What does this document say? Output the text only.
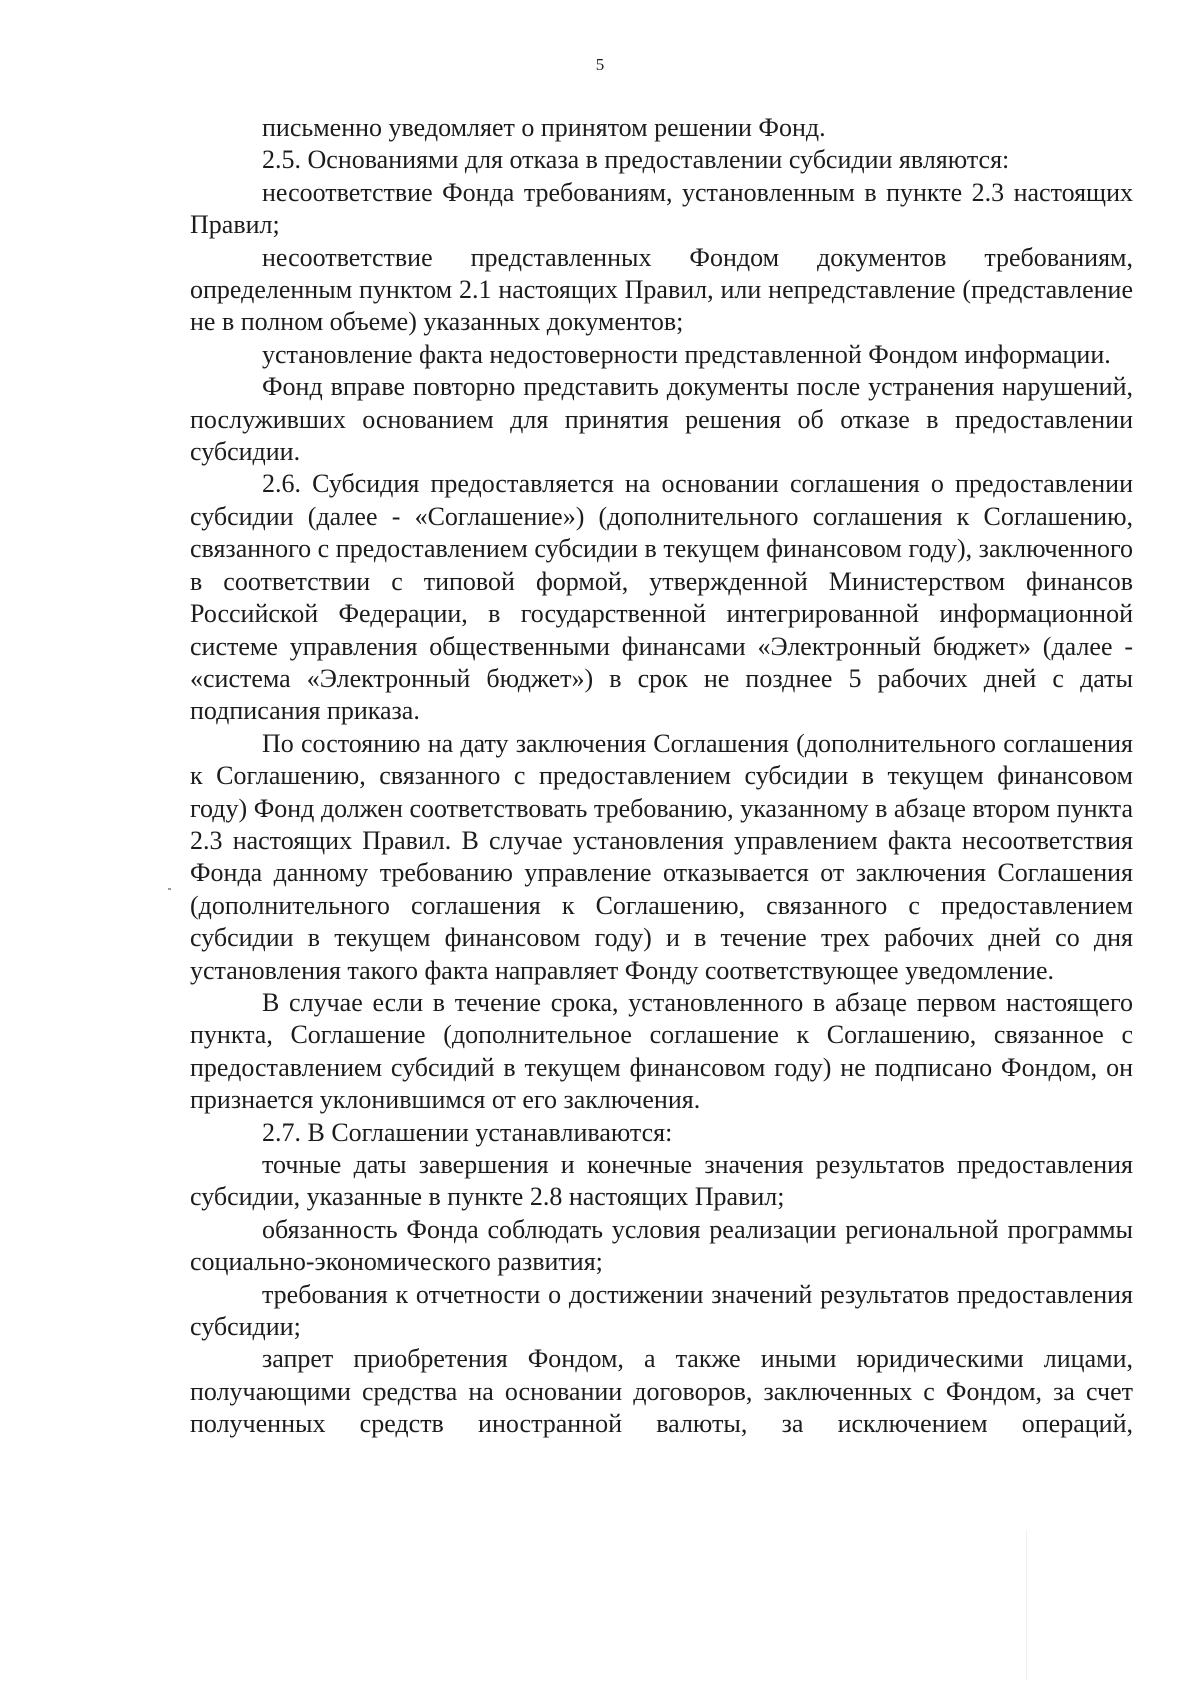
5

письменно уведомляет о принятом решении Фонд.

2.5. Основаниями для отказа в предоставлении субсидии являются:

несоответствие Фонда требованиям, установленным в пункте 2.3 настоящих Правил;

несоответствие представленных Фондом документов требованиям, определенным пунктом 2.1 настоящих Правил, или непредставление (представление не в полном объеме) указанных документов;

установление факта недостоверности представленной Фондом информации.

Фонд вправе повторно представить документы после устранения нарушений, послуживших основанием для принятия решения об отказе в предоставлении субсидии.

2.6. Субсидия предоставляется на основании соглашения о предоставлении субсидии (далее - «Соглашение») (дополнительного соглашения к Соглашению, связанного с предоставлением субсидии в текущем финансовом году), заключенного в соответствии с типовой формой, утвержденной Министерством финансов Российской Федерации, в государственной интегрированной информационной системе управления общественными финансами «Электронный бюджет» (далее - «система «Электронный бюджет») в срок не позднее 5 рабочих дней с даты подписания приказа.

По состоянию на дату заключения Соглашения (дополнительного соглашения к Соглашению, связанного с предоставлением субсидии в текущем финансовом году) Фонд должен соответствовать требованию, указанному в абзаце втором пункта 2.3 настоящих Правил. В случае установления управлением факта несоответствия Фонда данному требованию управление отказывается от заключения Соглашения (дополнительного соглашения к Соглашению, связанного с предоставлением субсидии в текущем финансовом году) и в течение трех рабочих дней со дня установления такого факта направляет Фонду соответствующее уведомление.

В случае если в течение срока, установленного в абзаце первом настоящего пункта, Соглашение (дополнительное соглашение к Соглашению, связанное с предоставлением субсидий в текущем финансовом году) не подписано Фондом, он признается уклонившимся от его заключения.

2.7. В Соглашении устанавливаются:

точные даты завершения и конечные значения результатов предоставления субсидии, указанные в пункте 2.8 настоящих Правил;

обязанность Фонда соблюдать условия реализации региональной программы социально-экономического развития;

требования к отчетности о достижении значений результатов предоставления субсидии;

запрет приобретения Фондом, а также иными юридическими лицами, получающими средства на основании договоров, заключенных с Фондом, за счет полученных средств иностранной валюты, за исключением операций,
